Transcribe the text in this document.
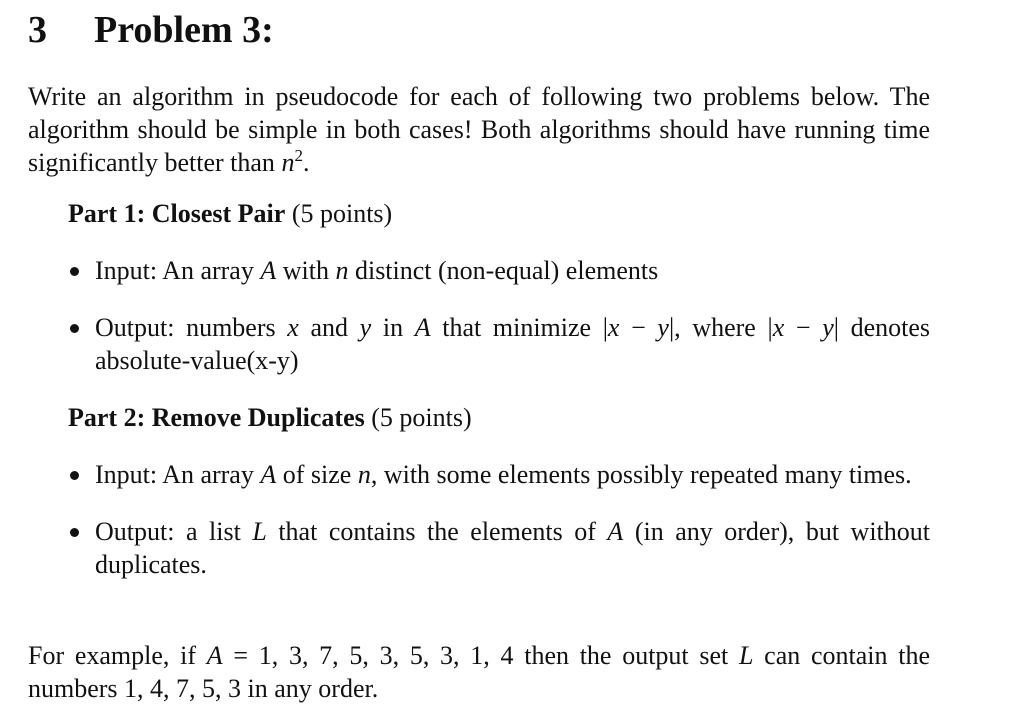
3 Problem 3:

Write an algorithm in pseudocode for each of following two problems below. The algorithm should be simple in both cases! Both algorithms should have running time significantly better than $n^2$.

Part 1: Closest Pair (5 points)
Input: An array A with n distinct (non-equal) elements
Output: numbers x and y in A that minimize |x − y|, where |x − y| denotes absolute-value(x-y)
Part 2: Remove Duplicates (5 points)
Input: An array A of size n, with some elements possibly repeated many times.
Output: a list L that contains the elements of A (in any order), but without duplicates.

For example, if A = 1, 3, 7, 5, 3, 5, 3, 1, 4 then the output set L can contain the numbers 1, 4, 7, 5, 3 in any order.
